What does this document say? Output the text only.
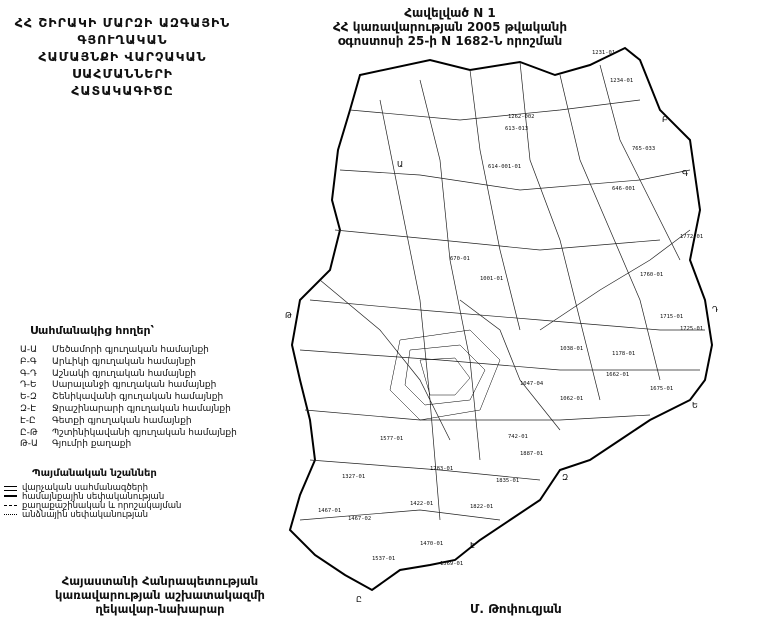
ՀՀ ՇԻՐԱԿԻ ՄԱՐԶԻ ԱԶԳԱՅԻՆ ԳՅՈՒՂԱԿԱՆ
ՀԱՄԱՅՆՔԻ ՎԱՐՉԱԿԱՆ ՍԱՀՄԱՆՆԵՐԻ
ՀԱՏԱԿԱԳԻԾԸ
Հավելված N 1
ՀՀ կառավարության 2005 թվականի
օգոստոսի 25-ի N 1682-Ն որոշման
Ա
Բ
Գ
Դ
Ե
Զ
Է
Ը
Թ
1231-01
1234-01
1262-002
613-013
614-001-01
646-001
1001-01
1038-01
670-01
1178-01
1047-04
1062-01
765-033
742-01
1327-01
1422-01
1467-01
1467-02
1470-01
1537-01
1569-01
1577-01
1662-01
1675-01
1715-01
1725-01
1760-01
1772-01
1783-01
1822-01
1835-01
1887-01
Սահմանակից հողեր՝
Ա-Ա Մեծամորի գյուղական համայնքի
Բ-Գ Արևիկի գյուղական համայնքի
Գ-Դ Աշնակի գյուղական համայնքի
Դ-Ե Սարալանջի գյուղական համայնքի
Ե-Զ Շենիկավանի գյուղական համայնքի
Զ-Է Ջրաշինարարի գյուղական համայնքի
Է-Ը Գետքի գյուղական համայնքի
Ը-Թ Պշտինիկավանի գյուղական համայնքի
Թ-Ա Գյումրի քաղաքի
Պայմանական նշաններ
վարչական սահմանագծերի
համայնքային սեփականության
քաղաքաշինական և որոշակայման
անձնային սեփականության
Հայաստանի Հանրապետության
կառավարության աշխատակազմի
ղեկավար-նախարար	Մ. Թոփուզյան
